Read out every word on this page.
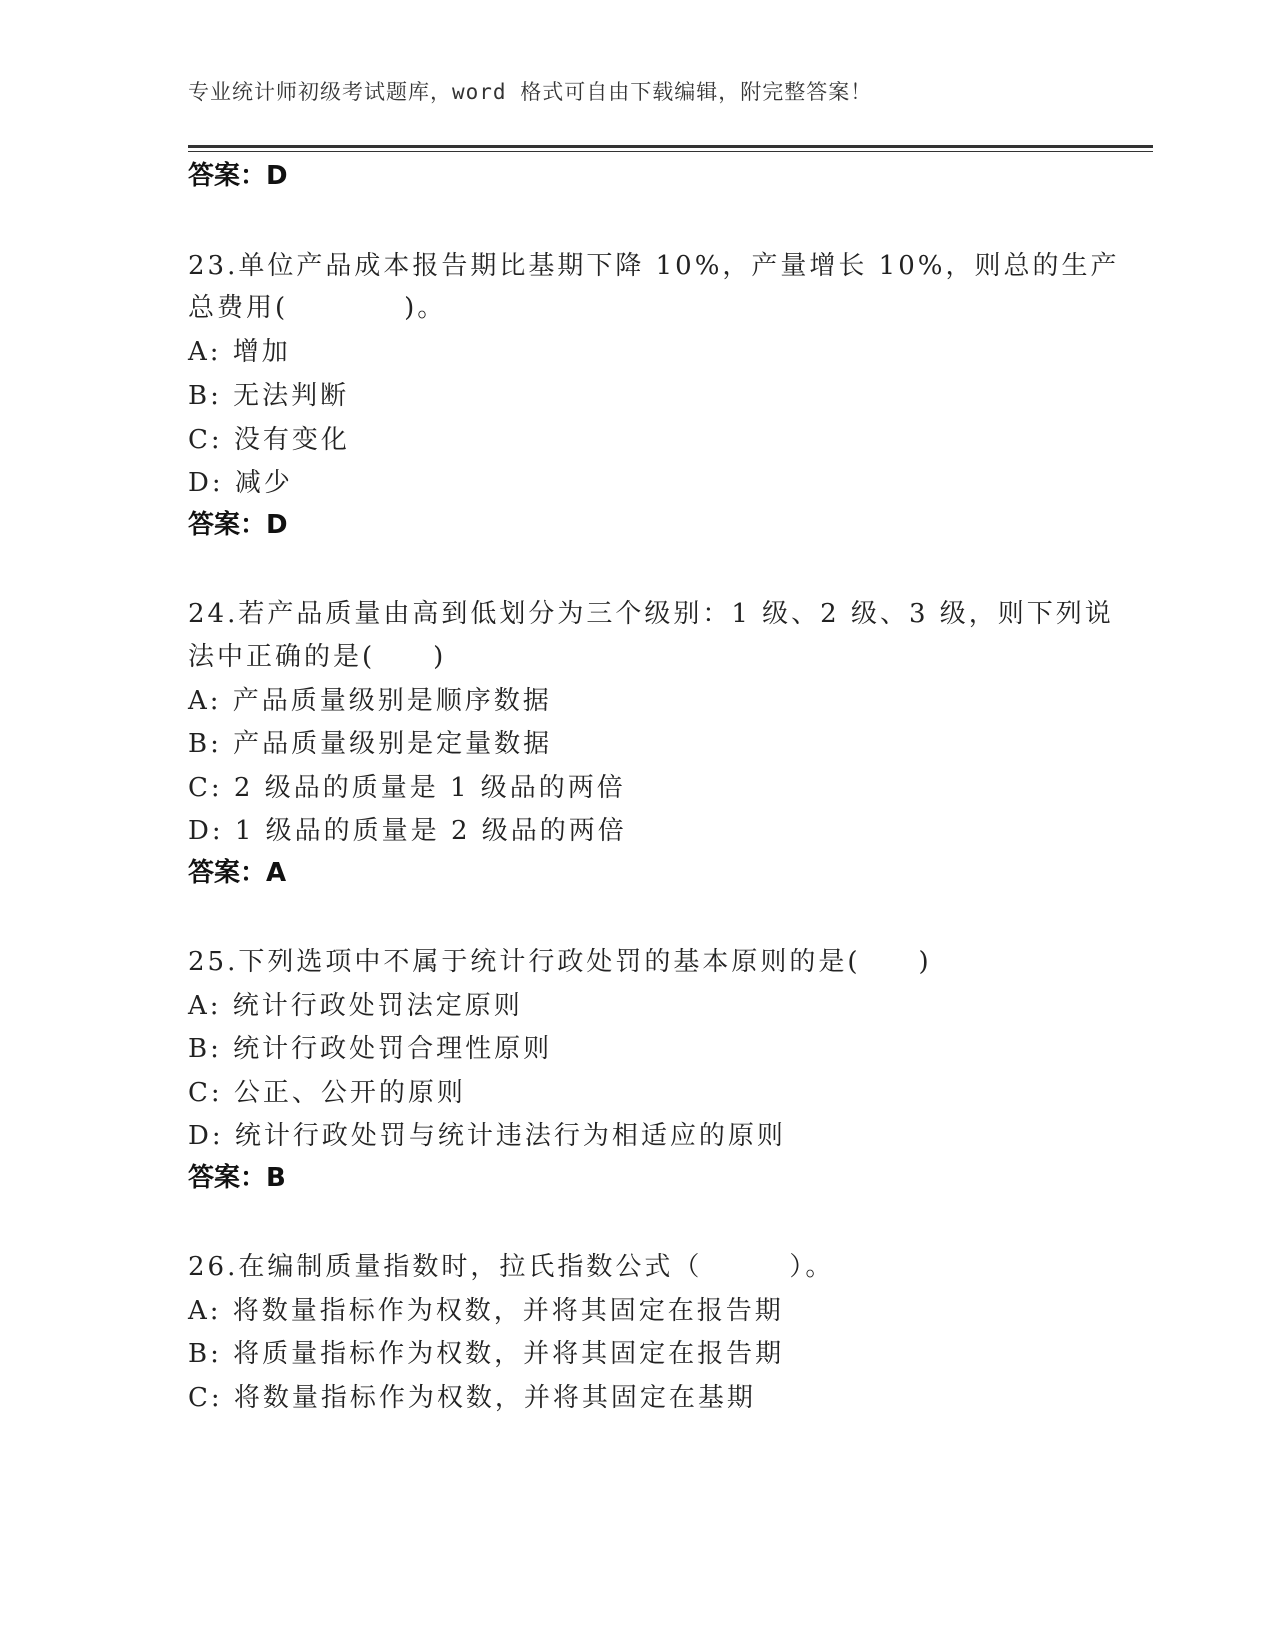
专业统计师初级考试题库，word 格式可自由下载编辑，附完整答案！
答案：D
23.单位产品成本报告期比基期下降 10%，产量增长 10%，则总的生产
总费用(　　　　)。
A: 增加
B: 无法判断
C: 没有变化
D: 减少
答案：D
24.若产品质量由高到低划分为三个级别：1 级、2 级、3 级，则下列说
法中正确的是(　　)
A: 产品质量级别是顺序数据
B: 产品质量级别是定量数据
C: 2 级品的质量是 1 级品的两倍
D: 1 级品的质量是 2 级品的两倍
答案：A
25.下列选项中不属于统计行政处罚的基本原则的是(　　)
A: 统计行政处罚法定原则
B: 统计行政处罚合理性原则
C: 公正、公开的原则
D: 统计行政处罚与统计违法行为相适应的原则
答案：B
26.在编制质量指数时，拉氏指数公式（　　　）。
A: 将数量指标作为权数，并将其固定在报告期
B: 将质量指标作为权数，并将其固定在报告期
C: 将数量指标作为权数，并将其固定在基期
